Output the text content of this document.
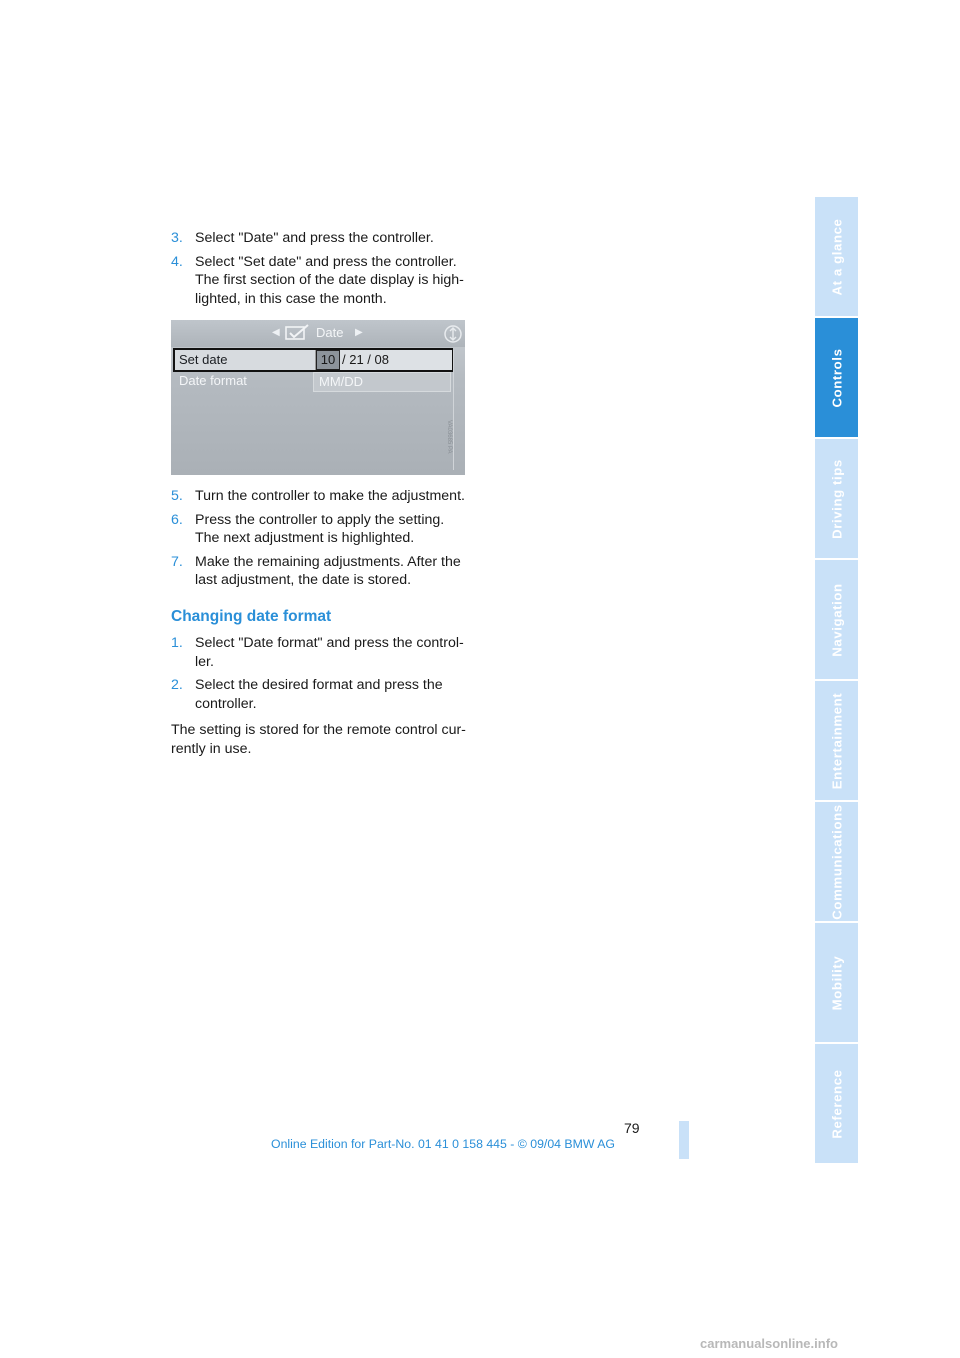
3. Select "Date" and press the controller.

4. Select "Set date" and press the controller.

The first section of the date display is high-lighted, in this case the month.

◀	Date ▶
Set date	10 / 21 / 08
Date format	MM/DD
VA03685 PA
5. Turn the controller to make the adjustment.

6. Press the controller to apply the setting.

The next adjustment is highlighted.

7. Make the remaining adjustments. After the last adjustment, the date is stored.

Changing date format
1. Select "Date format" and press the control-ler.

2. Select the desired format and press the controller.

The setting is stored for the remote control cur-rently in use.

At a glance
Controls
Driving tips
Navigation
Entertainment
Communications
Mobility
Reference
79
Online Edition for Part-No. 01 41 0 158 445 - © 09/04 BMW AG
carmanualsonline.info
